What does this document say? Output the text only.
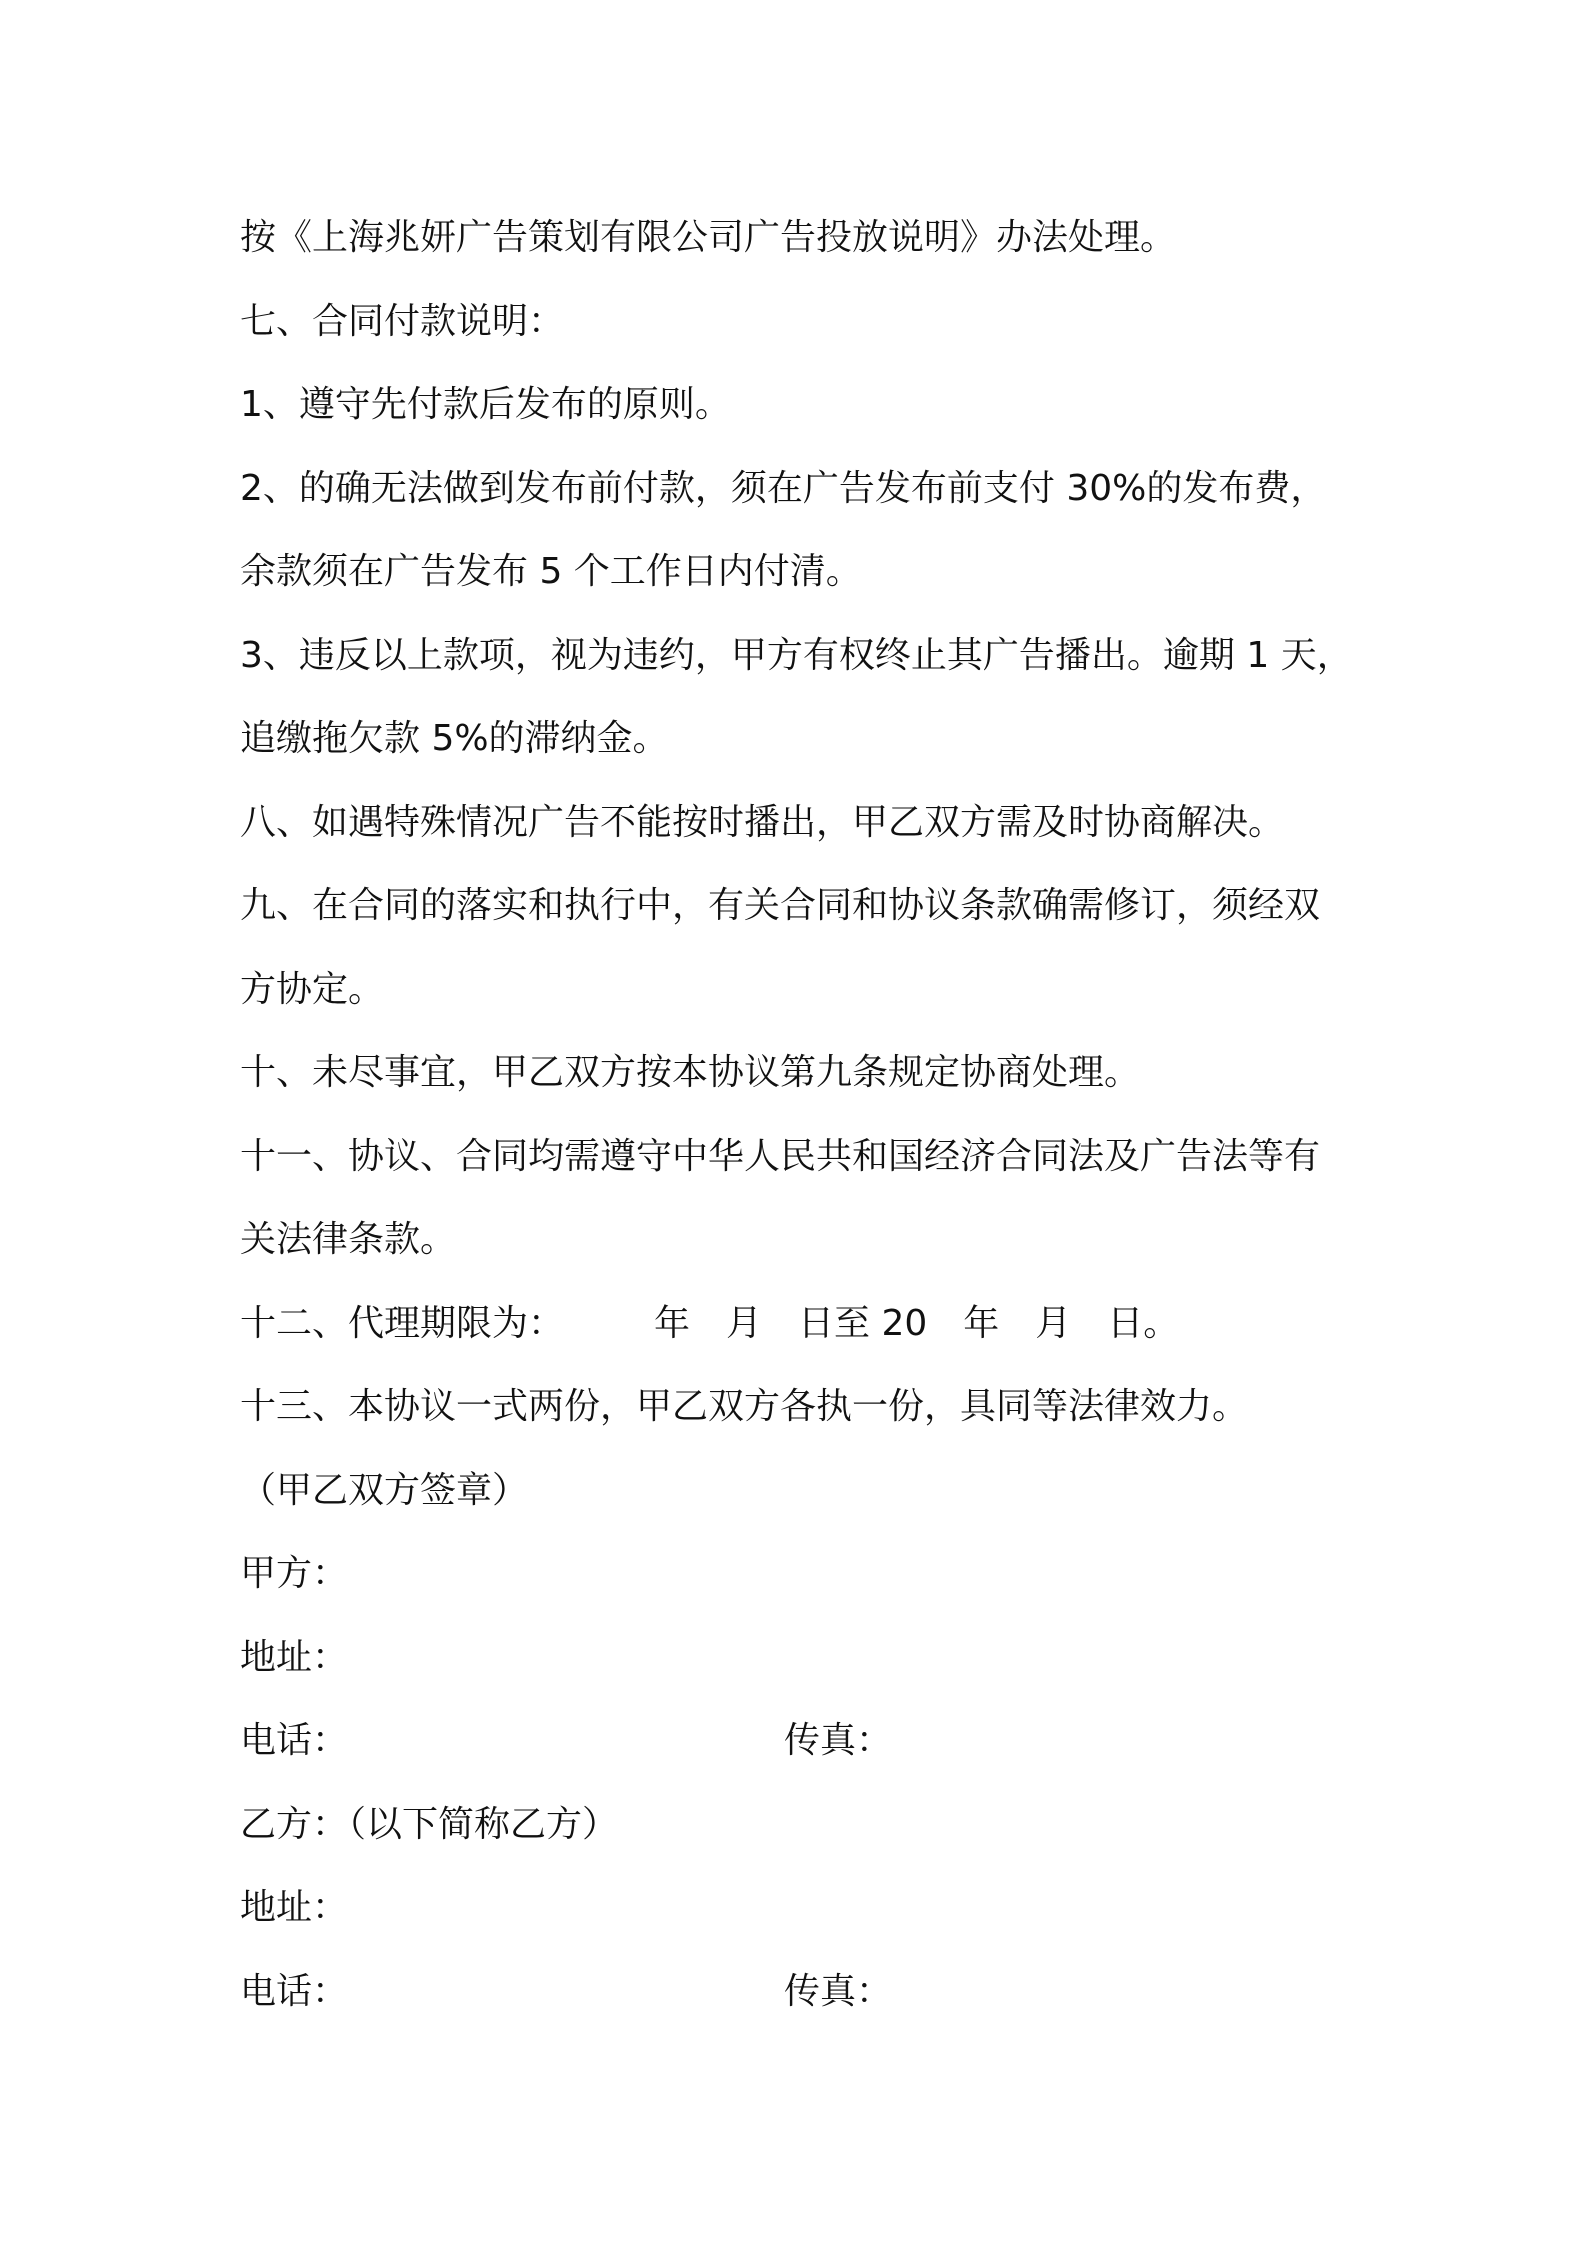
按《上海兆妍广告策划有限公司广告投放说明》办法处理。
七、合同付款说明：
1、遵守先付款后发布的原则。
2、的确无法做到发布前付款，须在广告发布前支付 30%的发布费，
余款须在广告发布 5 个工作日内付清。
3、违反以上款项，视为违约，甲方有权终止其广告播出。逾期 1 天，
追缴拖欠款 5%的滞纳金。
八、如遇特殊情况广告不能按时播出，甲乙双方需及时协商解决。
九、在合同的落实和执行中，有关合同和协议条款确需修订，须经双
方协定。
十、未尽事宜，甲乙双方按本协议第九条规定协商处理。
十一、协议、合同均需遵守中华人民共和国经济合同法及广告法等有
关法律条款。
十二、代理期限为：　　　年　月　日至 20　年　月　日。
十三、本协议一式两份，甲乙双方各执一份，具同等法律效力。
（甲乙双方签章）
甲方：
地址：
电话：	传真：
乙方：（以下简称乙方）
地址：
电话：	传真：
